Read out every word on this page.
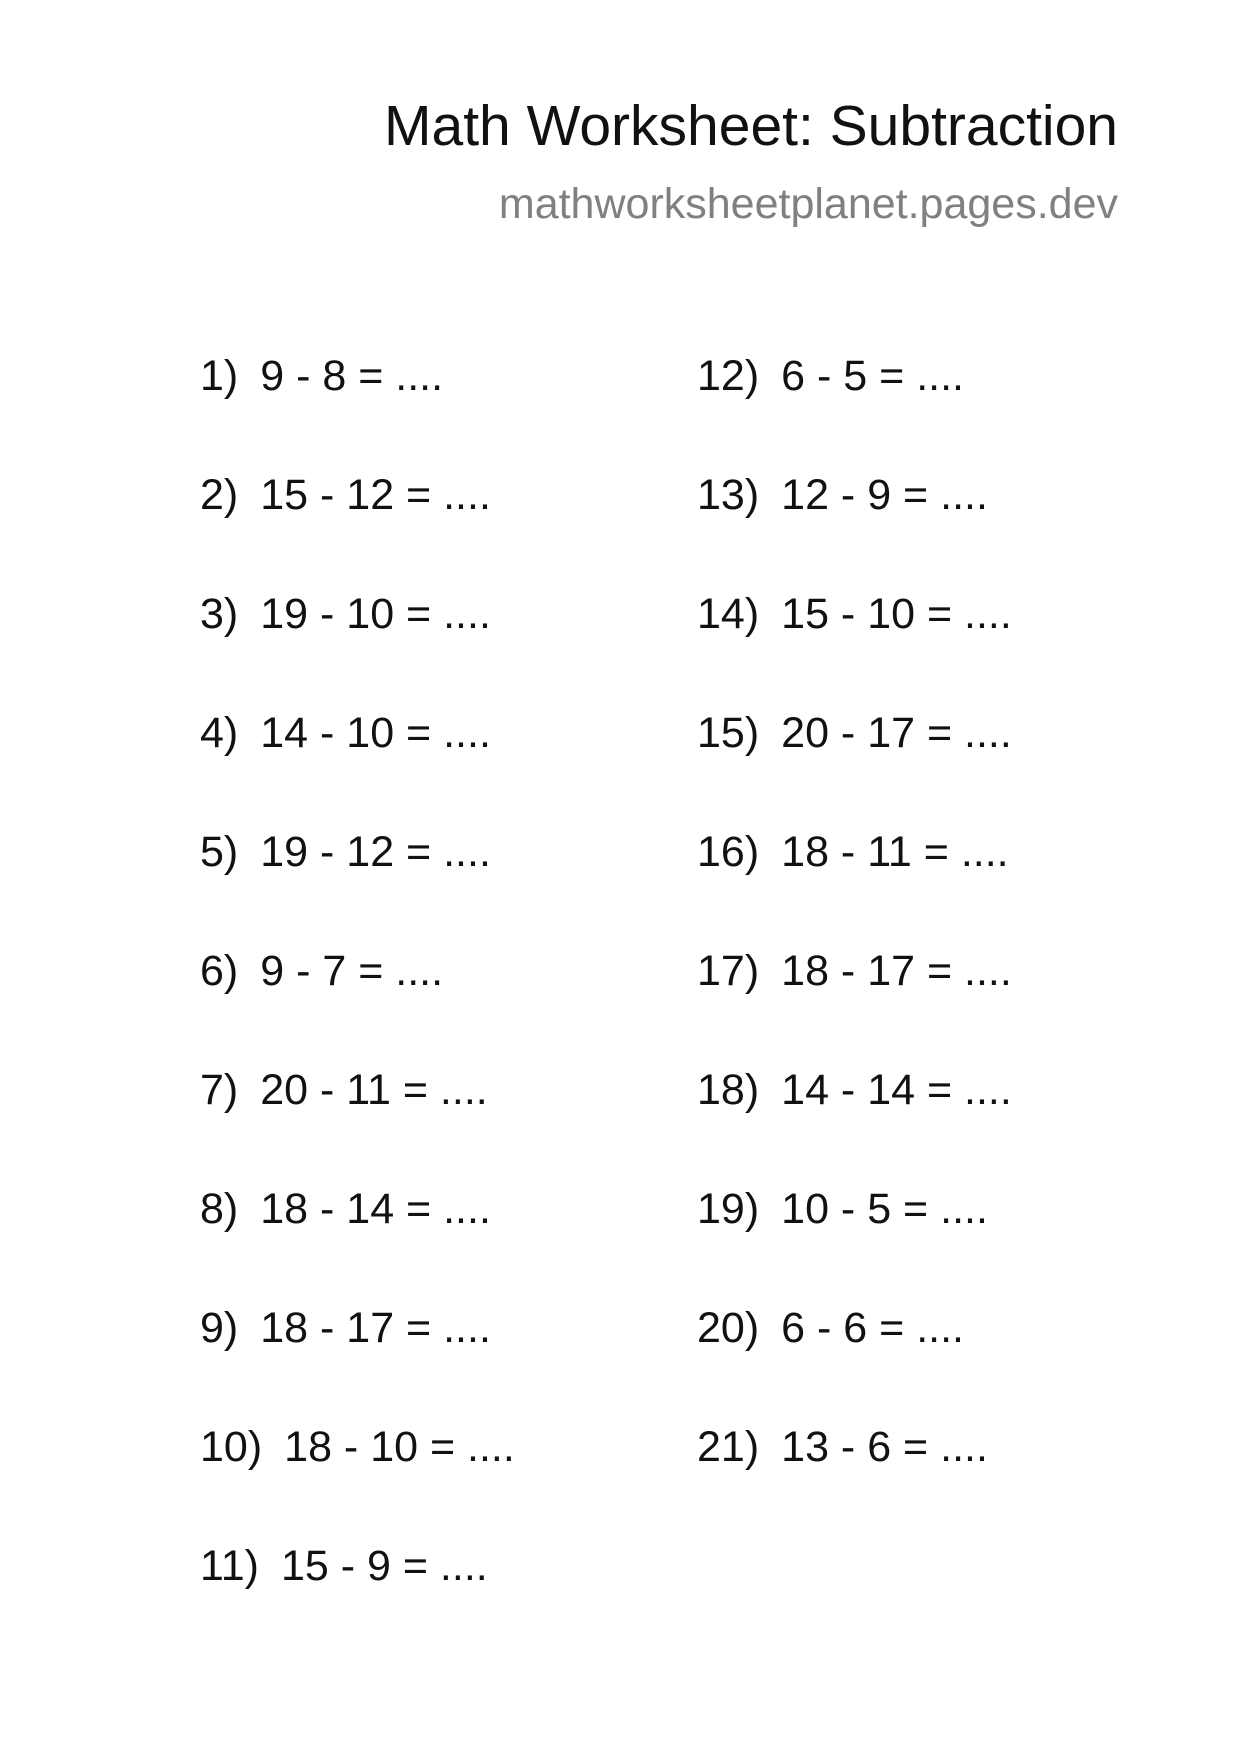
Math Worksheet: Subtraction
mathworksheetplanet.pages.dev
1) 9 - 8 = ....
2) 15 - 12 = ....
3) 19 - 10 = ....
4) 14 - 10 = ....
5) 19 - 12 = ....
6) 9 - 7 = ....
7) 20 - 11 = ....
8) 18 - 14 = ....
9) 18 - 17 = ....
10) 18 - 10 = ....
11) 15 - 9 = ....
12) 6 - 5 = ....
13) 12 - 9 = ....
14) 15 - 10 = ....
15) 20 - 17 = ....
16) 18 - 11 = ....
17) 18 - 17 = ....
18) 14 - 14 = ....
19) 10 - 5 = ....
20) 6 - 6 = ....
21) 13 - 6 = ....
